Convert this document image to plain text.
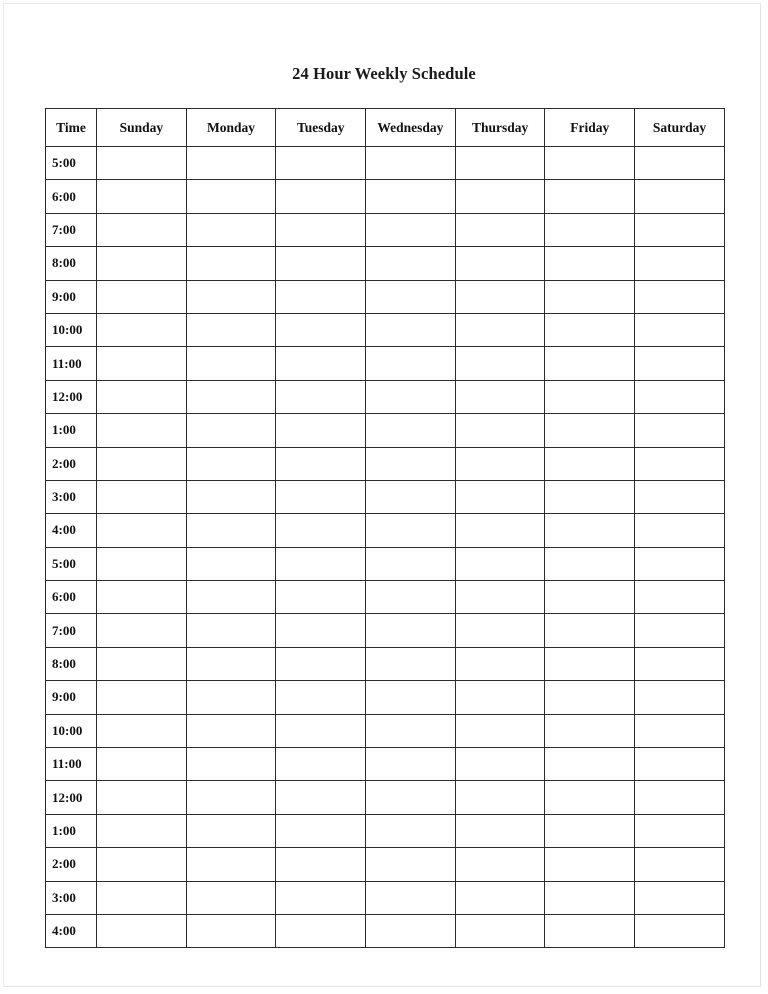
24 Hour Weekly Schedule
Time	Sunday	Monday	Tuesday	Wednesday	Thursday	Friday	Saturday
5:00							
6:00							
7:00							
8:00							
9:00							
10:00							
11:00							
12:00							
1:00							
2:00							
3:00							
4:00							
5:00							
6:00							
7:00							
8:00							
9:00							
10:00							
11:00							
12:00							
1:00							
2:00							
3:00							
4:00							
